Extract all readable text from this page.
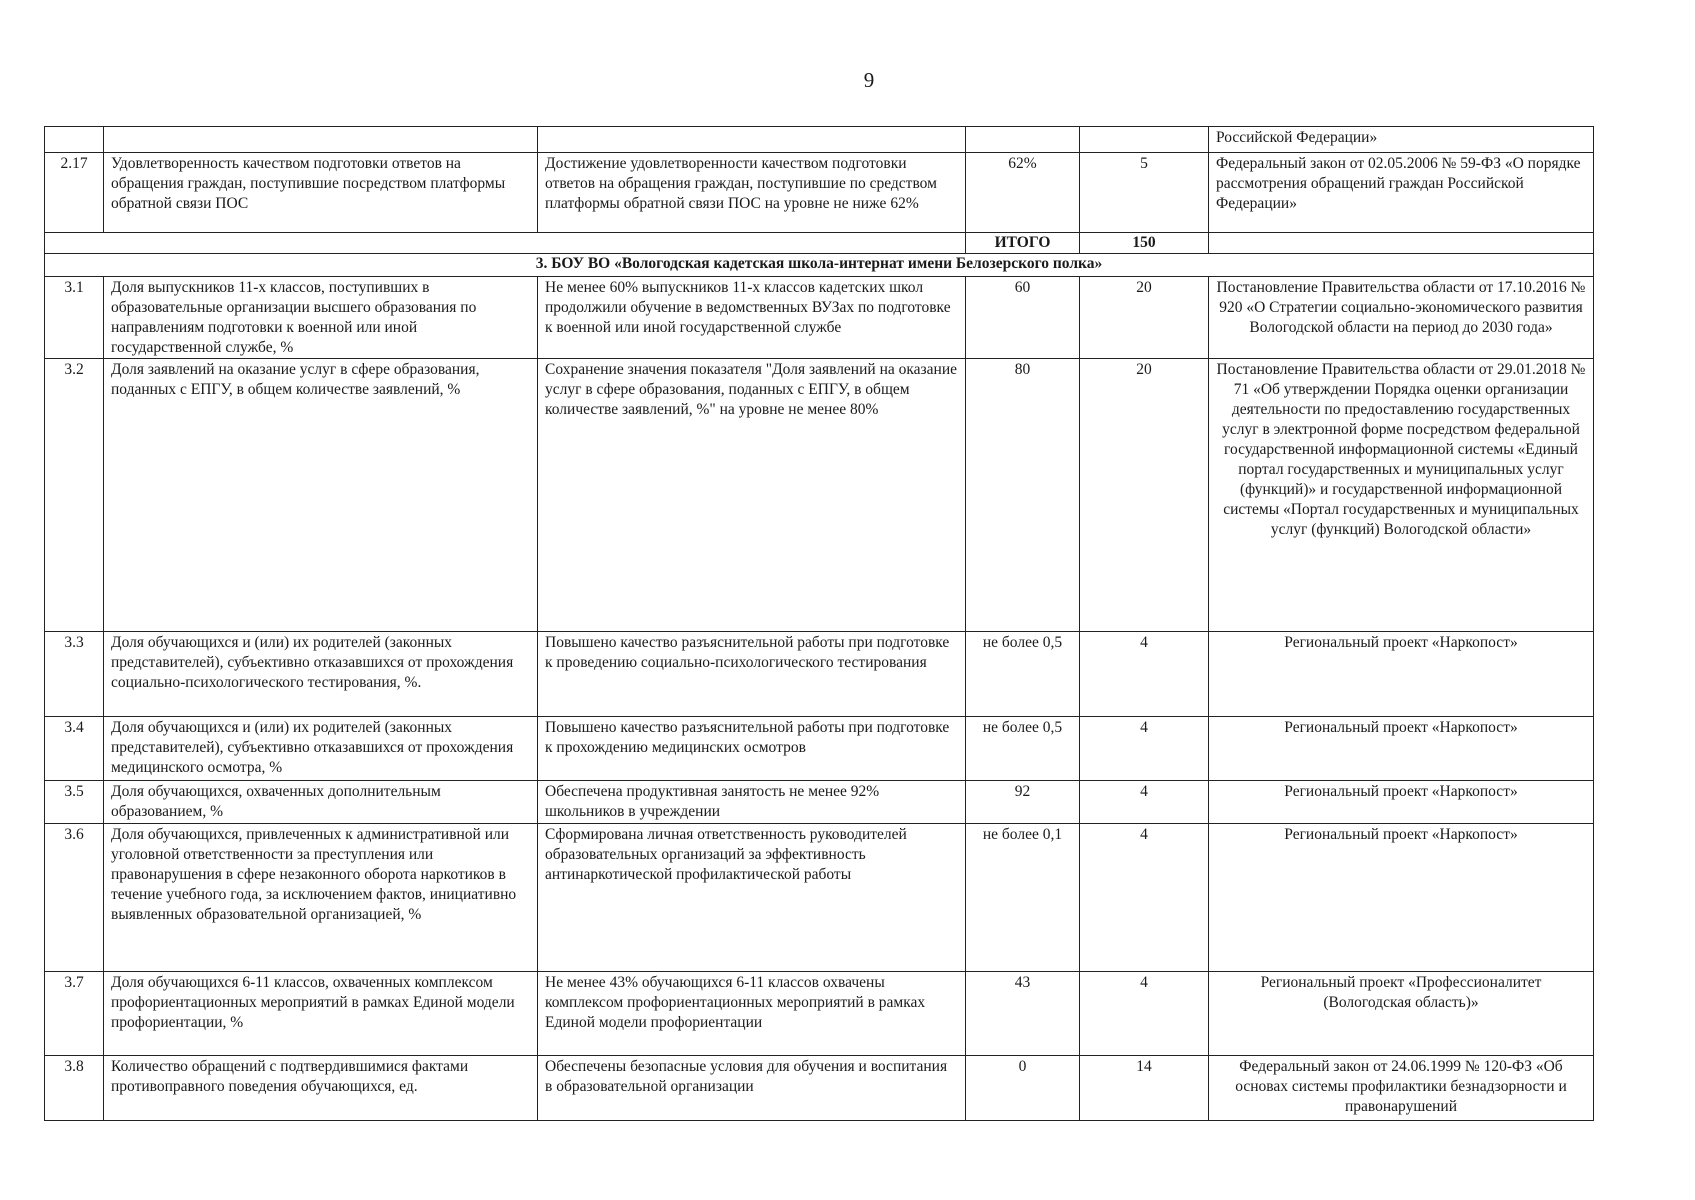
9
					Российской Федерации»
2.17	Удовлетворенность качеством подготовки ответов на обращения граждан, поступившие посредством платформы обратной связи ПОС	Достижение удовлетворенности качеством подготовки ответов на обращения граждан, поступившие по средством платформы обратной связи ПОС на уровне не ниже 62%	62%	5	Федеральный закон от 02.05.2006 № 59-ФЗ «О порядке рассмотрения обращений граждан Российской Федерации»
			ИТОГО	150	
3. БОУ ВО «Вологодская кадетская школа-интернат имени Белозерского полка»					
3.1	Доля выпускников 11-х классов, поступивших в образовательные организации высшего образования по направлениям подготовки к военной или иной государственной службе, %	Не менее 60% выпускников 11-х классов кадетских школ продолжили обучение в ведомственных ВУЗах по подготовке к военной или иной государственной службе	60	20	Постановление Правительства области от 17.10.2016 № 920 «О Стратегии социально-экономического развития Вологодской области на период до 2030 года»
3.2	Доля заявлений на оказание услуг в сфере образования, поданных с ЕПГУ, в общем количестве заявлений, %	Сохранение значения показателя "Доля заявлений на оказание услуг в сфере образования, поданных с ЕПГУ, в общем количестве заявлений, %" на уровне не менее 80%	80	20	Постановление Правительства области от 29.01.2018 № 71 «Об утверждении Порядка оценки организации деятельности по предоставлению государственных услуг в электронной форме посредством федеральной государственной информационной системы «Единый портал государственных и муниципальных услуг (функций)» и государственной информационной системы «Портал государственных и муниципальных услуг (функций) Вологодской области»
3.3	Доля обучающихся и (или) их родителей (законных представителей), субъективно отказавшихся от прохождения социально-психологического тестирования, %.	Повышено качество разъяснительной работы при подготовке к проведению социально-психологического тестирования	не более 0,5	4	Региональный проект «Наркопост»
3.4	Доля обучающихся и (или) их родителей (законных представителей), субъективно отказавшихся от прохождения медицинского осмотра, %	Повышено качество разъяснительной работы при подготовке к прохождению медицинских осмотров	не более 0,5	4	Региональный проект «Наркопост»
3.5	Доля обучающихся, охваченных дополнительным образованием, %	Обеспечена продуктивная занятость не менее 92% школьников в учреждении	92	4	Региональный проект «Наркопост»
3.6	Доля обучающихся, привлеченных к административной или уголовной ответственности за преступления или правонарушения в сфере незаконного оборота наркотиков в течение учебного года, за исключением фактов, инициативно выявленных образовательной организацией, %	Сформирована личная ответственность руководителей образовательных организаций за эффективность антинаркотической профилактической работы	не более 0,1	4	Региональный проект «Наркопост»
3.7	Доля обучающихся 6-11 классов, охваченных комплексом профориентационных мероприятий в рамках Единой модели профориентации, %	Не менее 43% обучающихся 6-11 классов охвачены комплексом профориентационных мероприятий в рамках Единой модели профориентации	43	4	Региональный проект «Профессионалитет (Вологодская область)»
3.8	Количество обращений с подтвердившимися фактами противоправного поведения обучающихся, ед.	Обеспечены безопасные условия для обучения и воспитания в образовательной организации	0	14	Федеральный закон от 24.06.1999 № 120-ФЗ «Об основах системы профилактики безнадзорности и правонарушений
